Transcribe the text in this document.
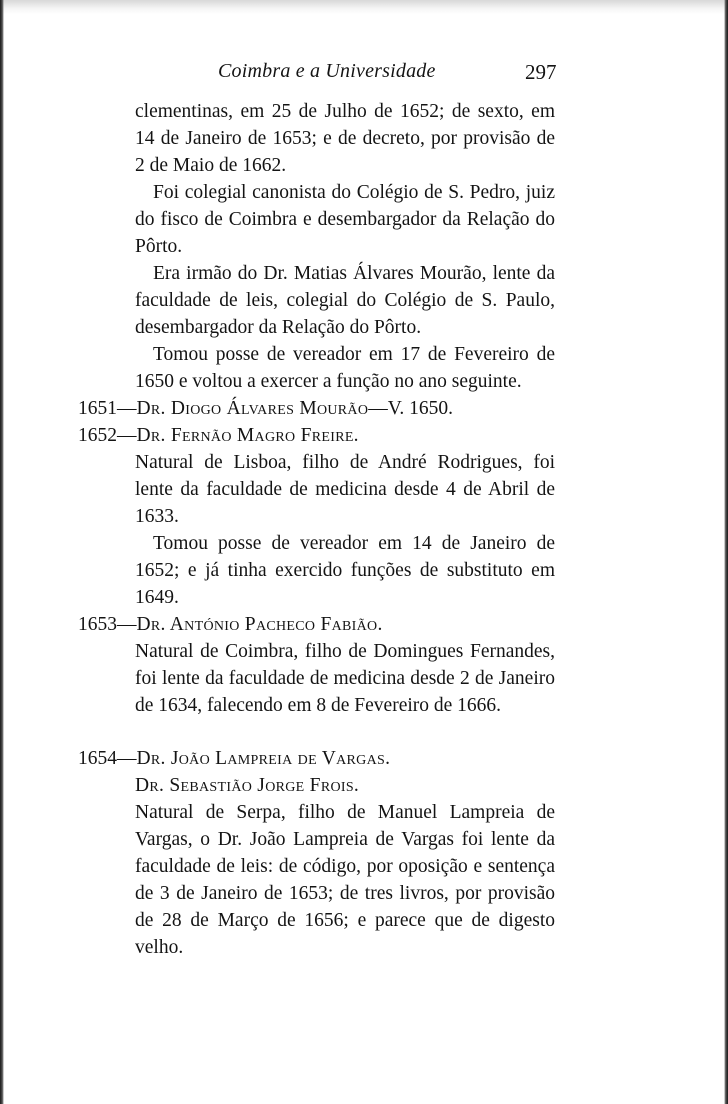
Coimbra e a Universidade	297

clementinas, em 25 de Julho de 1652; de sexto, em 14 de Janeiro de 1653; e de decreto, por provisão de 2 de Maio de 1662.

Foi colegial canonista do Colégio de S. Pedro, juiz do fisco de Coimbra e desembargador da Relação do Pôrto.

Era irmão do Dr. Matias Álvares Mourão, lente da faculdade de leis, colegial do Colégio de S. Paulo, desembargador da Relação do Pôrto.

Tomou posse de vereador em 17 de Fevereiro de 1650 e voltou a exercer a função no ano seguinte.

1651—Dr. Diogo Álvares Mourão—V. 1650.

1652—Dr. Fernão Magro Freire.

Natural de Lisboa, filho de André Rodrigues, foi lente da faculdade de medicina desde 4 de Abril de 1633.

Tomou posse de vereador em 14 de Janeiro de 1652; e já tinha exercido funções de substituto em 1649.

1653—Dr. António Pacheco Fabião.

Natural de Coimbra, filho de Domingues Fernandes, foi lente da faculdade de medicina desde 2 de Janeiro de 1634, falecendo em 8 de Fevereiro de 1666.

1654—Dr. João Lampreia de Vargas.

Dr. Sebastião Jorge Frois.

Natural de Serpa, filho de Manuel Lampreia de Vargas, o Dr. João Lampreia de Vargas foi lente da faculdade de leis: de código, por oposição e sentença de 3 de Janeiro de 1653; de tres livros, por provisão de 28 de Março de 1656; e parece que de digesto velho.
